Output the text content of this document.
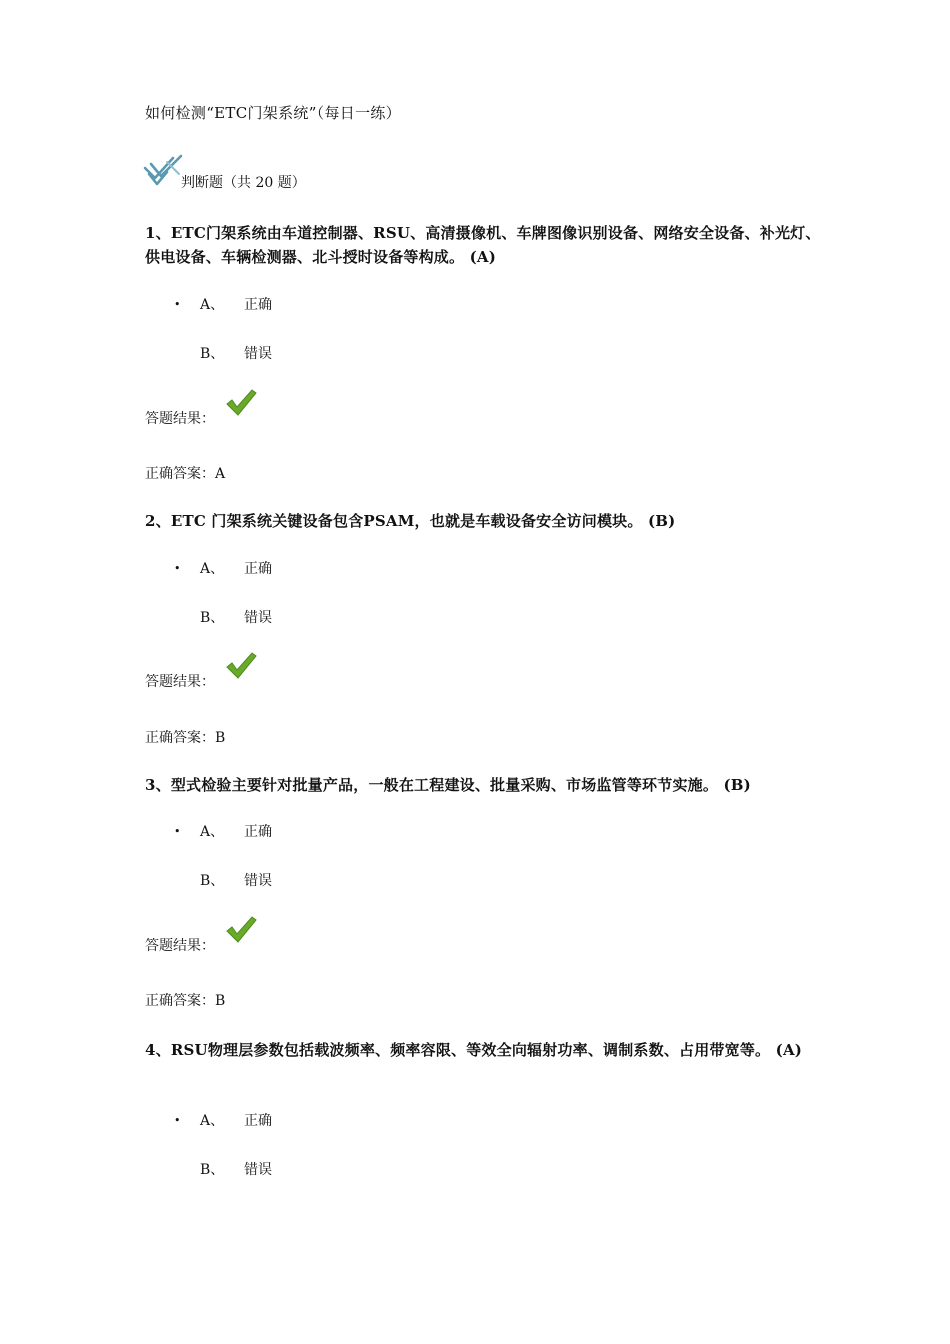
如何检测“ETC门架系统”（每日一练）
判断题（共 20 题）
1、ETC门架系统由车道控制器、RSU、高清摄像机、车牌图像识别设备、网络安全设备、补光灯、供电设备、车辆检测器、北斗授时设备等构成。 (A)
• A、 正确
B、 错误
答题结果：
正确答案：A
2、ETC 门架系统关键设备包含PSAM，也就是车载设备安全访问模块。 (B)
• A、 正确
B、 错误
答题结果：
正确答案：B
3、型式检验主要针对批量产品，一般在工程建设、批量采购、市场监管等环节实施。 (B)
• A、 正确
B、 错误
答题结果：
正确答案：B
4、RSU物理层参数包括载波频率、频率容限、等效全向辐射功率、调制系数、占用带宽等。 (A)
• A、 正确
B、 错误
